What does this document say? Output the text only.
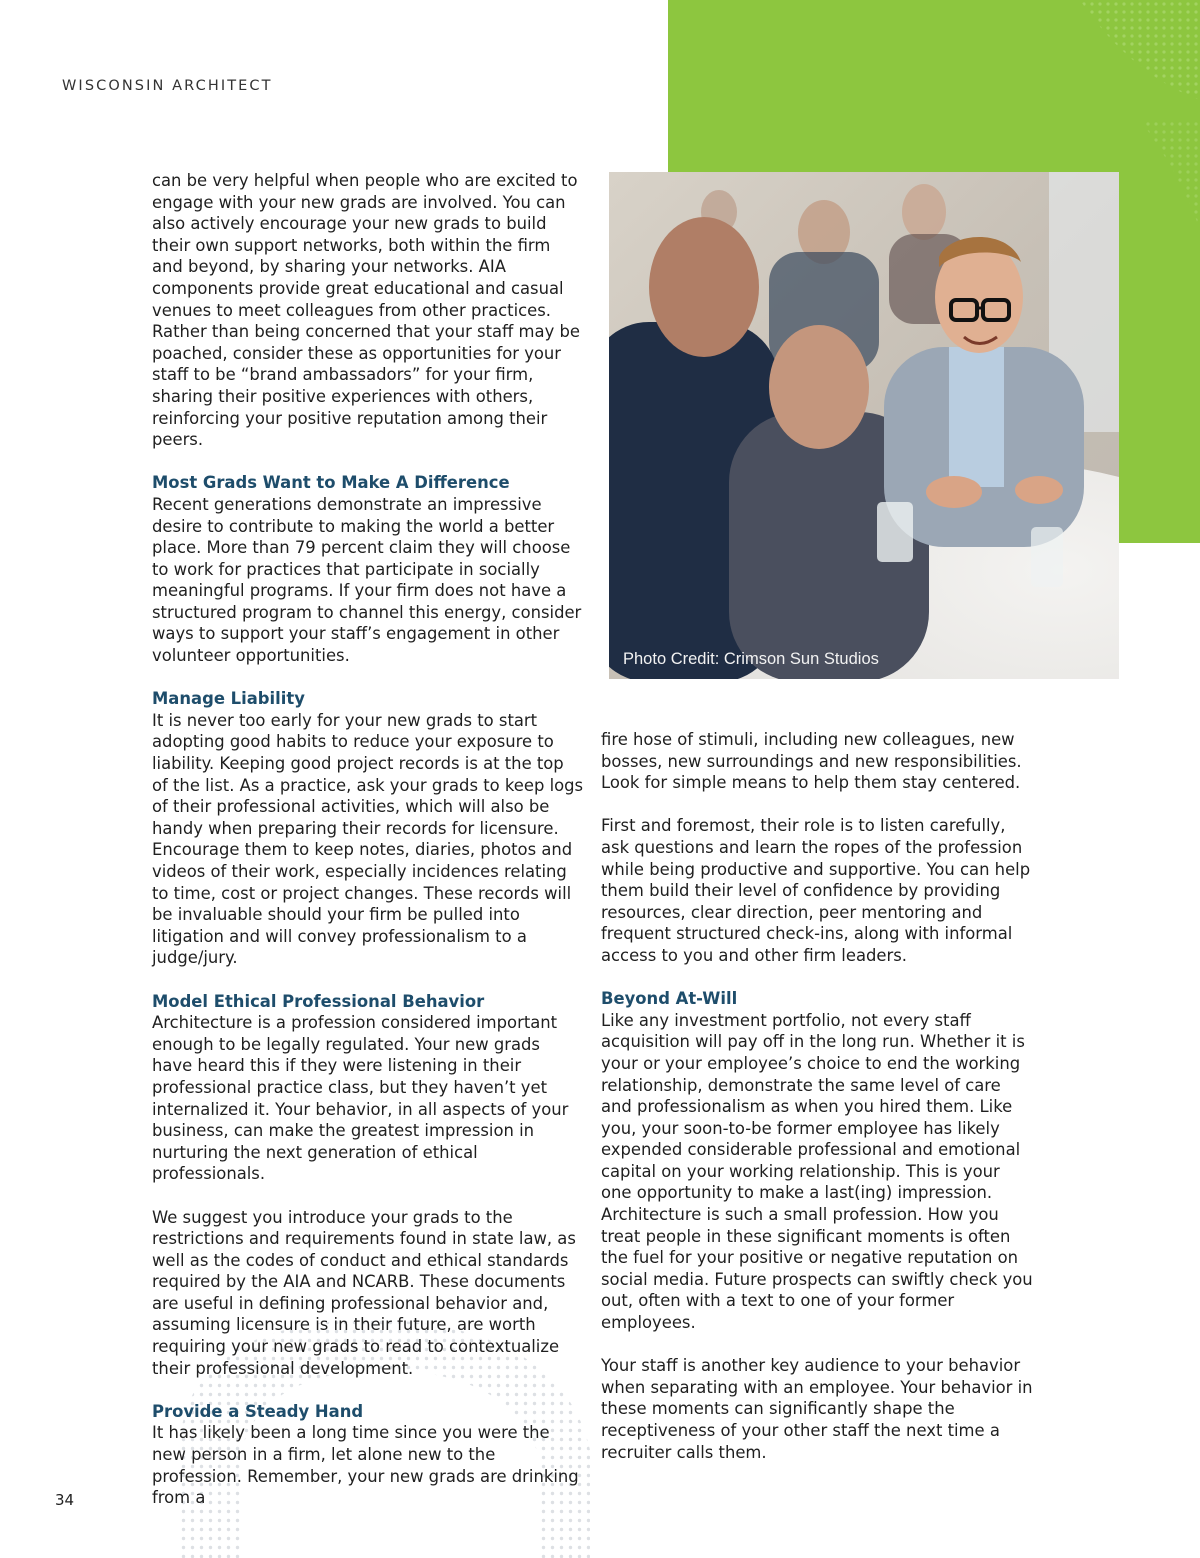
WISCONSIN ARCHITECT

can be very helpful when people who are excited to engage with your new grads are involved. You can also actively encourage your new grads to build their own support networks, both within the firm and beyond, by sharing your networks. AIA components provide great educational and casual venues to meet colleagues from other practices. Rather than being concerned that your staff may be poached, consider these as opportunities for your staff to be “brand ambassadors” for your firm, sharing their positive experiences with others, reinforcing your positive reputation among their peers.

Most Grads Want to Make A Difference

Recent generations demonstrate an impressive desire to contribute to making the world a better place. More than 79 percent claim they will choose to work for practices that participate in socially meaningful programs. If your firm does not have a structured program to channel this energy, consider ways to support your staff’s engagement in other volunteer opportunities.

Manage Liability

It is never too early for your new grads to start adopting good habits to reduce your exposure to liability. Keeping good project records is at the top of the list. As a practice, ask your grads to keep logs of their professional activities, which will also be handy when preparing their records for licensure. Encourage them to keep notes, diaries, photos and videos of their work, especially incidences relating to time, cost or project changes. These records will be invaluable should your firm be pulled into litigation and will convey professionalism to a judge/jury.

Model Ethical Professional Behavior

Architecture is a profession considered important enough to be legally regulated. Your new grads have heard this if they were listening in their professional practice class, but they haven’t yet internalized it. Your behavior, in all aspects of your business, can make the greatest impression in nurturing the next generation of ethical professionals.

We suggest you introduce your grads to the restrictions and requirements found in state law, as well as the codes of conduct and ethical standards required by the AIA and NCARB. These documents are useful in defining professional behavior and, assuming licensure is in their future, are worth requiring your new grads to read to contextualize their professional development.

Provide a Steady Hand

It has likely been a long time since you were the new person in a firm, let alone new to the profession. Remember, your new grads are drinking from a

Photo Credit: Crimson Sun Studios

fire hose of stimuli, including new colleagues, new bosses, new surroundings and new responsibilities. Look for simple means to help them stay centered.

First and foremost, their role is to listen carefully, ask questions and learn the ropes of the profession while being productive and supportive. You can help them build their level of confidence by providing resources, clear direction, peer mentoring and frequent structured check-ins, along with informal access to you and other firm leaders.

Beyond At-Will

Like any investment portfolio, not every staff acquisition will pay off in the long run. Whether it is your or your employee’s choice to end the working relationship, demonstrate the same level of care and professionalism as when you hired them. Like you, your soon-to-be former employee has likely expended considerable professional and emotional capital on your working relationship. This is your one opportunity to make a last(ing) impression. Architecture is such a small profession. How you treat people in these significant moments is often the fuel for your positive or negative reputation on social media. Future prospects can swiftly check you out, often with a text to one of your former employees.

Your staff is another key audience to your behavior when separating with an employee. Your behavior in these moments can significantly shape the receptiveness of your other staff the next time a recruiter calls them.

34
